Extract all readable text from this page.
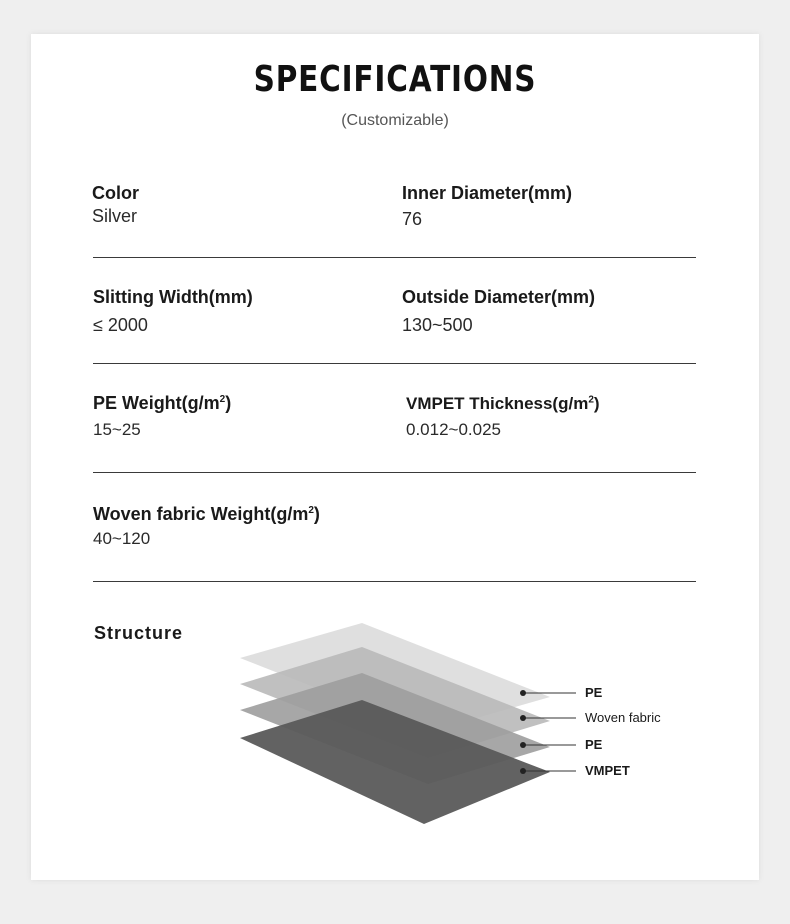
SPECIFICATIONS
(Customizable)
Color
Silver
Inner Diameter(mm)
76
Slitting Width(mm)
≤ 2000
Outside Diameter(mm)
130~500
PE $Weight(g/m^2)$
15~25
VMPET $Thickness(g/m^2)$
0.012~0.025
Woven fabric $Weight(g/m^2)$
40~120
Structure
PE
Woven fabric
PE
VMPET
